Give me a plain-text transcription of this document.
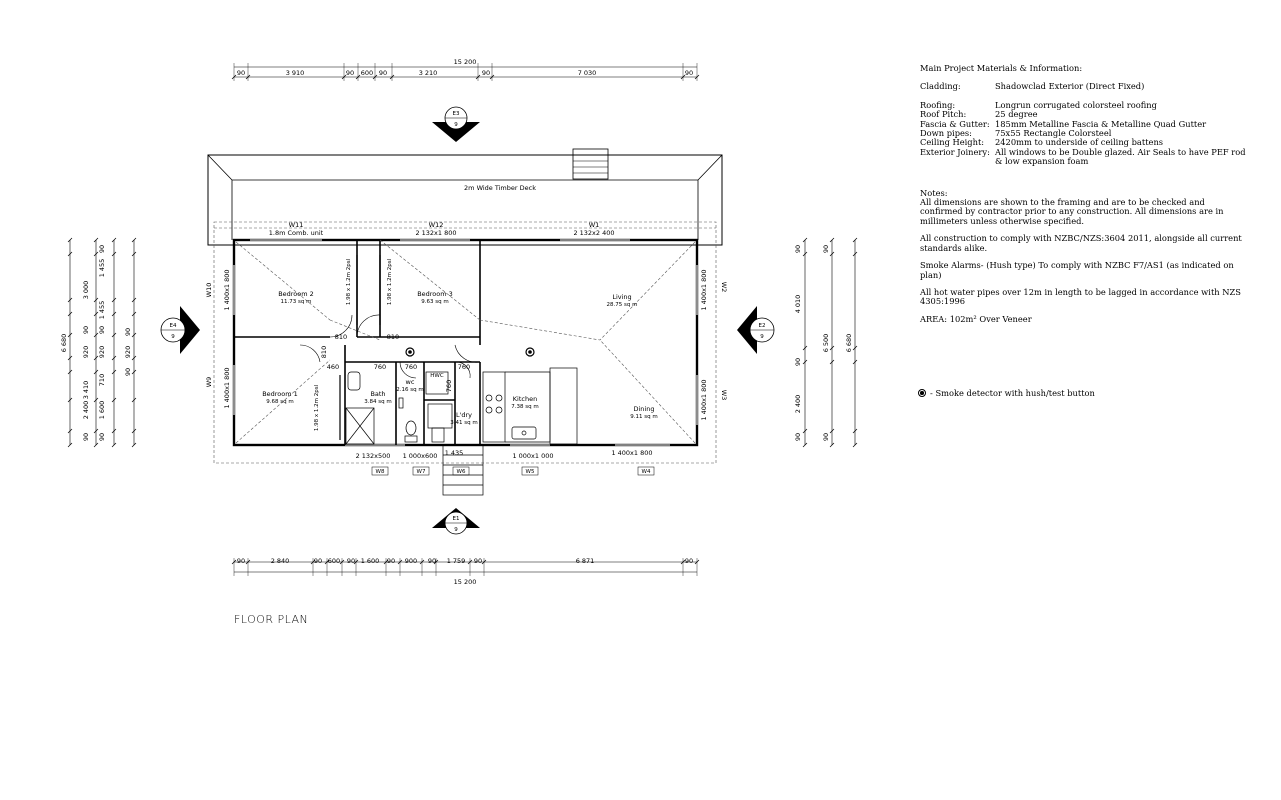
2m Wide Timber Deck
Bedroom 2
11.73 sq m
Bedroom 3
9.63 sq m
Living
28.75 sq m
Bedroom 1
9.68 sq m
Bath
3.84 sq m
wc
2.16 sq m
L'dry
3.41 sq m
Kitchen
7.38 sq m	Dining
9.11 sq m
W11
1.8m Comb. unit
W12
2 132x1 800
W1
2 132x2 400
W10 1 400x1 800
W9 1 400x1 800
W2
1 400x1 800
W3
1 400x1 800
2 132x500
W8
1 000x600
W7
1 435
W6
1 000x1 000
W5
1 400x1 800
W4
1.98 x 1.2m 2psl	1.98 x 1.2m 2psl
1.98 x 1.2m 2psl
810	810
810
760	760
460	760
760
HWC
E3
9
E4
9
E2
9
E1
9
15 200
90	3 910	90 600 90	3 210	90	7 030	90
15 200
90	2 840	90 600 90 1 600 90 900 90 1 759 90	6 871	90
6 680
90
1 455
90
1 455
920
710
1 600
90
3 000
90
920
3 410
2 400
90
90
920
90
6 680
90
4 010
90
2 400
90
90
6 500
90
Main Project Materials & Information:
Cladding:	Shadowclad Exterior (Direct Fixed)
Roofing:	Longrun corrugated colorsteel roofing
Roof Pitch:	25 degree
Fascia & Gutter: 185mm Metalline Fascia & Metalline Quad Gutter
Down pipes:	75x55 Rectangle Colorsteel
Ceiling Height:	2420mm to underside of ceiling battens
Exterior Joinery: All windows to be Double glazed. Air Seals to have PEF rod & low expansion foam
Notes:

All dimensions are shown to the framing and are to be checked and confirmed by contractor prior to any construction. All dimensions are in millimeters unless otherwise specified.

All construction to comply with NZBC/NZS:3604 2011, alongside all current standards alike.

Smoke Alarms- (Hush type) To comply with NZBC F7/AS1 (as indicated on plan)

All hot water pipes over 12m in length to be lagged in accordance with NZS 4305:1996

AREA: 102m² Over Veneer

- Smoke detector with hush/test button
FLOOR PLAN
